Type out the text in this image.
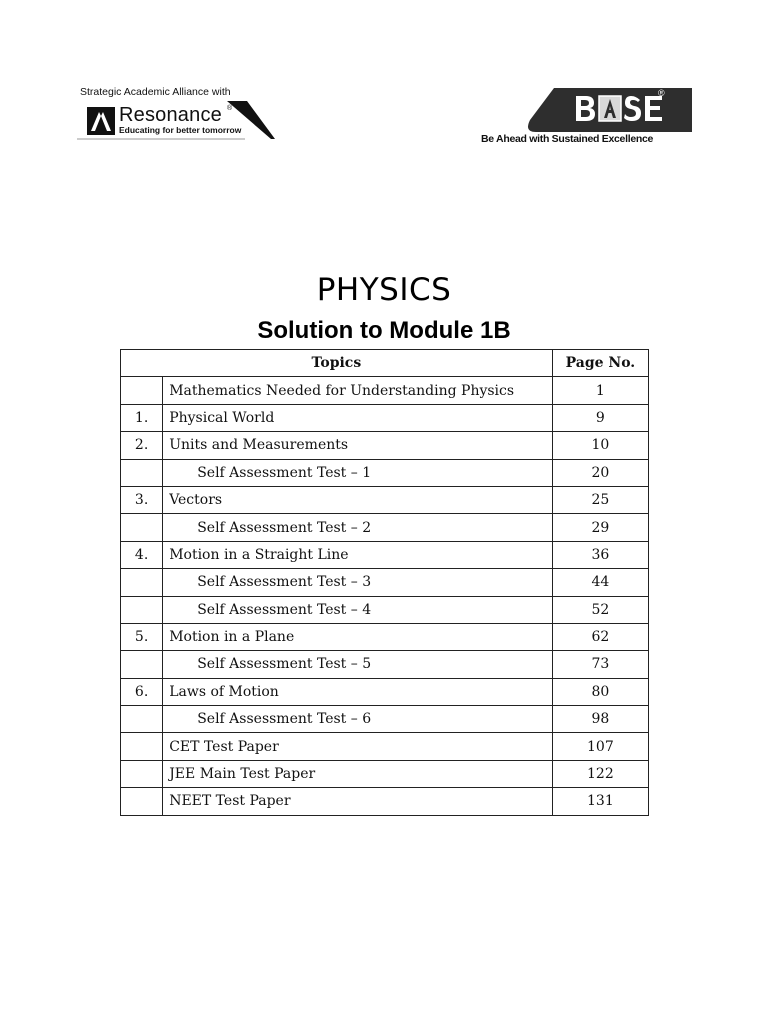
Strategic Academic Alliance with
Resonance ®
Educating for better tomorrow
®
Be Ahead with Sustained Excellence
PHYSICS
Solution to Module 1B
Topics		Page No.
	Mathematics Needed for Understanding Physics	1
1.	Physical World	9
2.	Units and Measurements	10
	Self Assessment Test – 1	20
3.	Vectors	25
	Self Assessment Test – 2	29
4.	Motion in a Straight Line	36
	Self Assessment Test – 3	44
	Self Assessment Test – 4	52
5.	Motion in a Plane	62
	Self Assessment Test – 5	73
6.	Laws of Motion	80
	Self Assessment Test – 6	98
	CET Test Paper	107
	JEE Main Test Paper	122
	NEET Test Paper	131
